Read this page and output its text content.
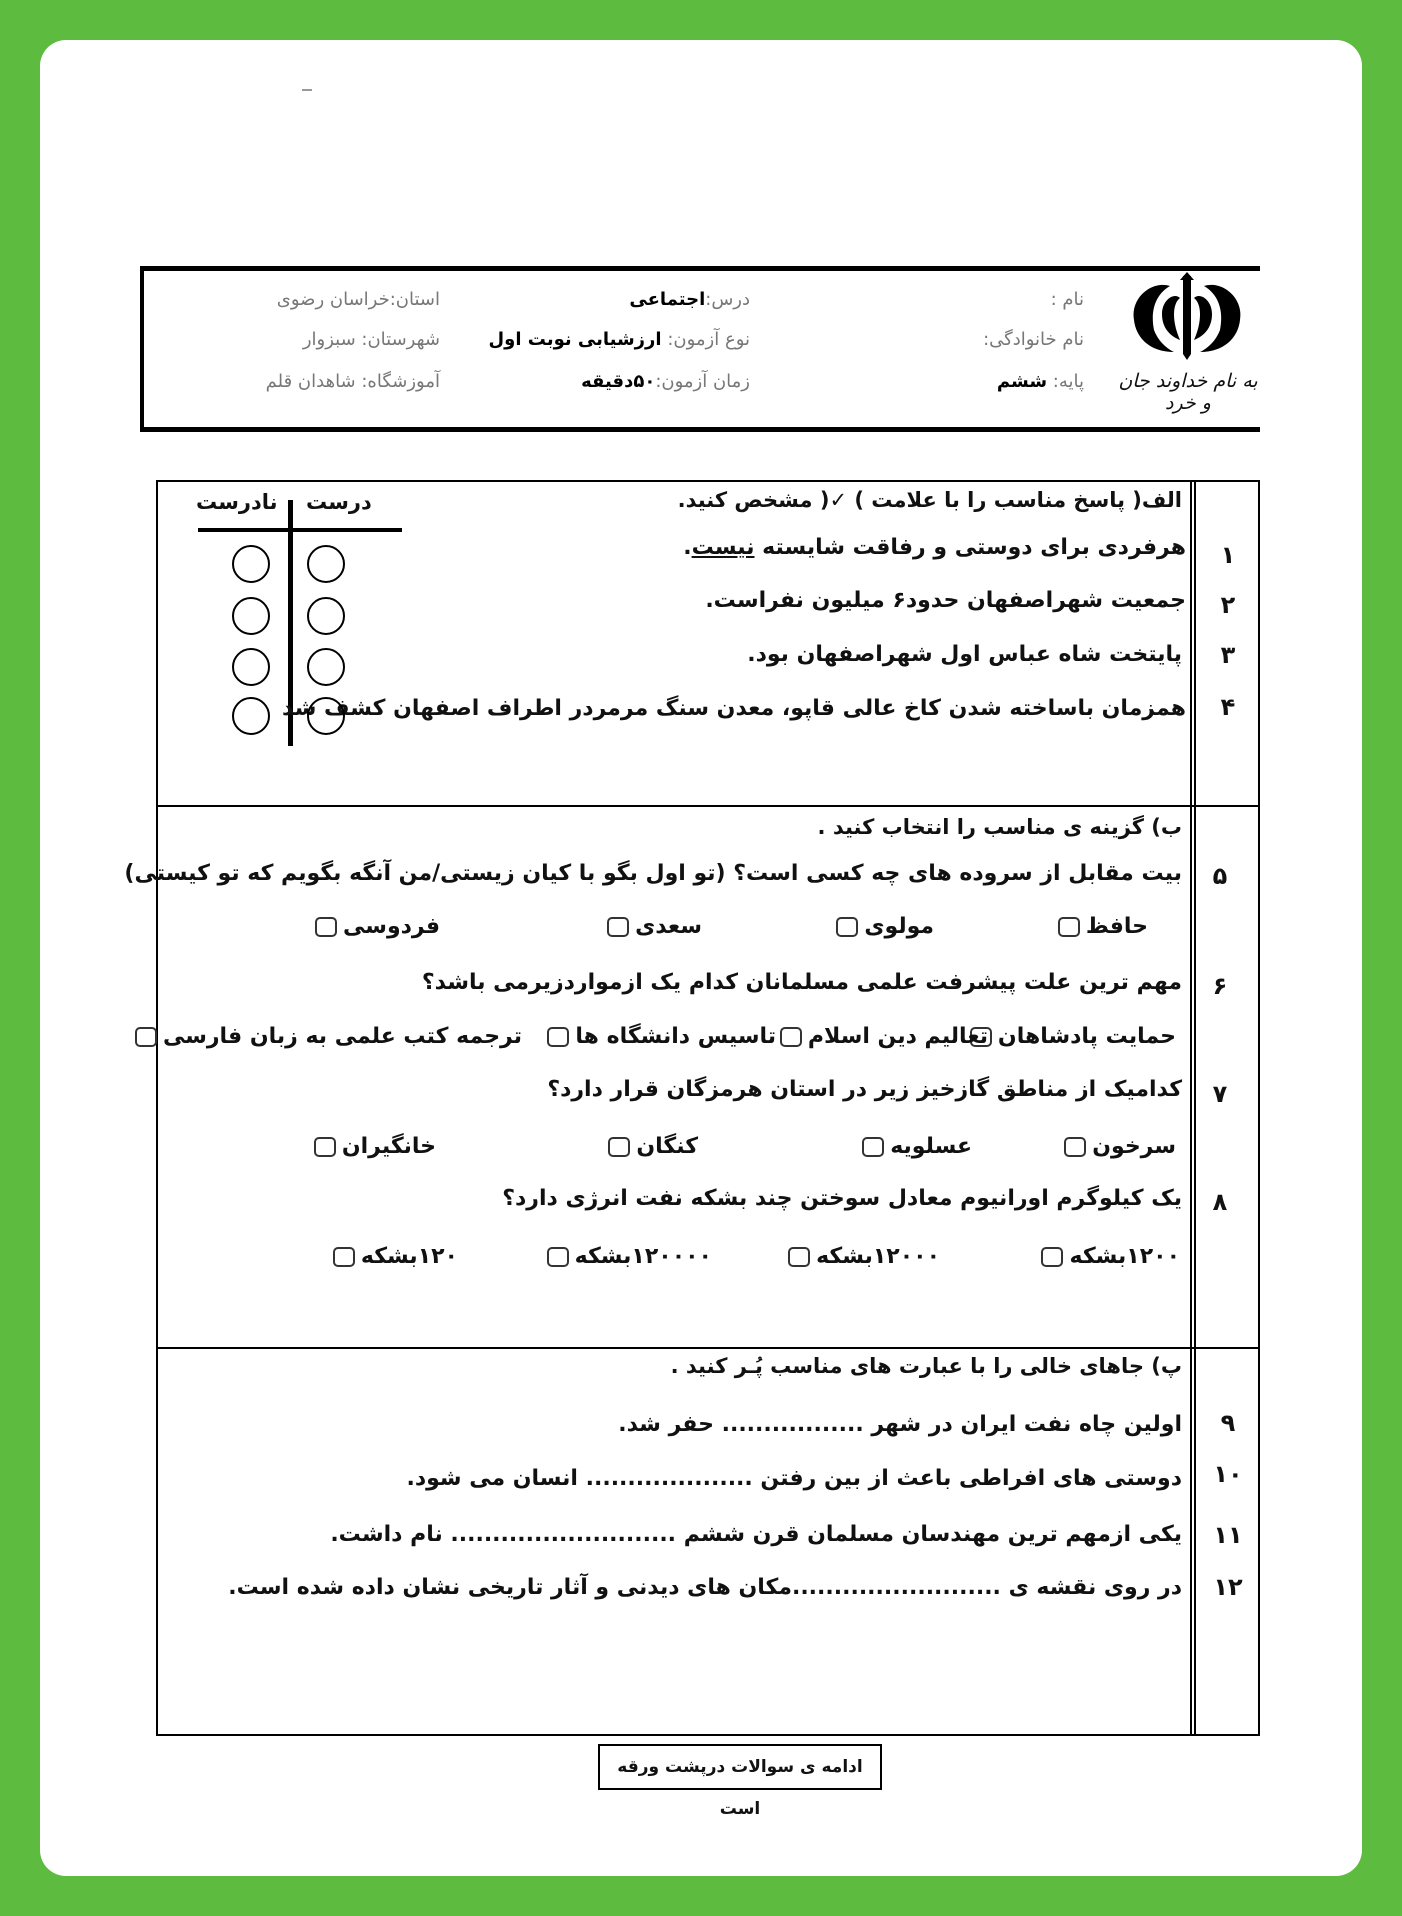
به نام خداوند جان و خرد
نام :
نام خانوادگی:
پایه: ششم
درس:اجتماعی
نوع آزمون: ارزشیابی نوبت اول
زمان آزمون:۵۰دقیقه
استان:خراسان رضوی
شهرستان: سبزوار
آموزشگاه: شاهدان قلم
الف( پاسخ مناسب را با علامت ) ✓( مشخص کنید.
درست
نادرست
۱
هرفردی برای دوستی و رفاقت شایسته نیست.
۲
جمعیت شهراصفهان حدود۶ میلیون نفراست.
۳
پایتخت شاه عباس اول شهراصفهان بود.
۴
همزمان باساخته شدن کاخ عالی قاپو، معدن سنگ مرمردر اطراف اصفهان کشف شد
ب) گزینه ی مناسب را انتخاب کنید .
۵
بیت مقابل از سروده های چه کسی است؟ (تو اول بگو با کیان زیستی/من آنگه بگویم که تو کیستی)
حافظ
مولوی
سعدی
فردوسی
۶
مهم ترین علت پیشرفت علمی مسلمانان کدام یک ازمواردزیرمی باشد؟
حمایت پادشاهان
تعالیم دین اسلام
تاسیس دانشگاه ها
ترجمه کتب علمی به زبان فارسی
۷
کدامیک از مناطق گازخیز زیر در استان هرمزگان قرار دارد؟
سرخون
عسلویه
کنگان
خانگیران
۸
یک کیلوگرم اورانیوم معادل سوختن چند بشکه نفت انرژی دارد؟
۱۲۰۰بشکه
۱۲۰۰۰بشکه
۱۲۰۰۰۰بشکه
۱۲۰بشکه
پ) جاهای خالی را با عبارت های مناسب پُـر کنید .
۹
اولین چاه نفت ایران در شهر ................. حفر شد.
۱۰
دوستی های افراطی باعث از بین رفتن .................... انسان می شود.
۱۱
یکی ازمهم ترین مهندسان مسلمان قرن ششم ........................... نام داشت.
۱۲
در روی نقشه ی .........................مکان های دیدنی و آثار تاریخی نشان داده شده است.
ادامه ی سوالات درپشت ورقه است
